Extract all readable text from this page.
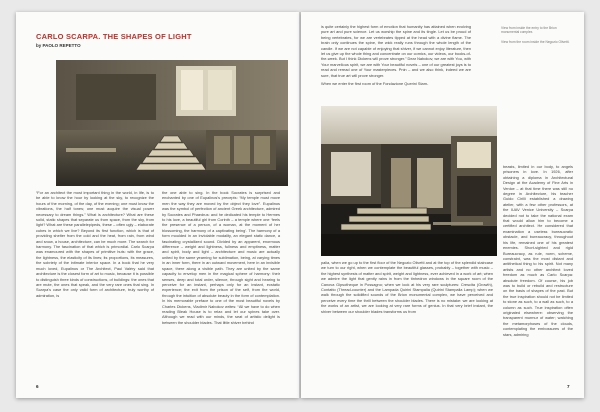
CARLO SCARPA. THE SHAPES OF LIGHT
by PAOLO REPETTO

“For an architect the most important thing in the world, in life, is to be able to know the hour by looking at the sky, to recognize the hours of the morning, of the day, of the evening; one must know the vibrations, the half tones; one must acquire the visual power necessary to dream things.” What is architecture? What are these solid, static shapes that separate us from space, from the sky, from light? What are these parallelepipeds, these – often ugly – elaborate cubes in which we live? Beyond its first function, which is that of providing shelter from the cold and the heat, from rain, from wind and snow, a house, architecture, can be much more. The search for harmony. The fascination of that which is primordial. Carlo Scarpa was enamoured with the shapes of primitive huts: with the grace, the lightness, the elasticity of its lines; its proportions, its measures, the sobriety of the intimate interior space. In a book that he very much loved, Eupalinos or The Architect, Paul Valéry said that architecture is the closest form of art to music, because it is possible to distinguish three kinds of constructions, of buildings: the ones that are mute, the ones that speak, and the very rare ones that sing. In Scarpa’s case the only valid form of architecture, truly worthy of admiration, is

the one able to sing. In the book Socrates is surprised and enchanted by one of Eupalinos’s precepts: “My temple must move men the way they are moved by the object they love”. Eupalinos was the symbol of perfection of ancient Greek architecture, admired by Socrates and Phaedrus: and he dedicated his temple to Hermes to his love, a beautiful girl from Corinth – a temple where one ‘feels the presence of a person, of a woman, at the moment of her blossoming, the harmony of a captivating being’. The harmony of a form moulded in an inviolable modality, an elegant static dance, a fascinating crystallized sound. Divided by an apparent, enormous difference – weight and lightness, fullness and emptiness, matter and spirit, body and light – architecture and music are actually united by the same yearning for sublimation, being, at varying times in an inner form, there in an outward movement, here in an invisible space, there along a visible path. They are united by the same capacity to envelop men in the magical sphere of harmony: their senses, deep and total order, silence, through sight and hearing to perceive for an instant, perhaps only for an instant, ecstatic experience; the exit from the prison of the self, from the world, through the intuition of absolute beauty in the form of contemplation. In his memorable preface to one of the most beautiful novels by Charles Dickens, Vladimir Nabokov writes: “All we have to do when reading Bleak House is to relax and let our spines take over. Although we read with our minds, the seat of artistic delight is between the shoulder blades. That little shiver behind

6

is quite certainly the highest form of emotion that humanity has attained when evolving pure art and pure science. Let us worship the spine and its tingle. Let us be proud of being vertebrates, for we are vertebrates tipped at the head with a divine flame. The brain only continues the spine, the wick really runs through the whole length of the candle. If we are not capable of enjoying that shiver, if we cannot enjoy literature, then let us give up the whole thing and concentrate on our comics, our videos, our books-of-the-week. But I think Dickens will prove stronger.” Dear Nabokov, we are with You, with Your marvellous spirit, we are with Your beautiful novels – one of our greatest joys is to read and reread one of Your masterpieces. Pnin – and we also think, indeed we are sure, that true art will prove stronger.

When we enter the first room of the Fondazione Querini Stam-

View from inside the entry to the Brion monumental complex.
View from the room inside the Negozio Olivetti.

palia, when we go up to the first floor of the Negozio Olivetti and at the top of the splendid staircase we turn to our right, when we contemplate the beautiful glasses, probably – together with music – the highest synthesis of matter and spirit, weight and lightness, ever achieved in a work of art; when we admire the light that gently rains in from the tinhedron windows in the square room of the Canova Gipsotheque in Possagno; when we look at his very rare sculptures: Crescita (Growth), Contatto (Thread-counter) and the Lampada Quirini Stampalia (Quirini Stampalia Lamp); when we walk through the solidified sounds of the Brion monumental complex, we have perceived and perceive every time the thrill between the shoulder blades. There is no mistake: we are looking at the works of an artist, we are looking at very rare forms of genius. In that very brief instant, the shiver between our shoulder blades transforms us from

beasts, limited in our body, to angels prisoners in love. In 1926, after obtaining a diploma in Architectural Design at the Academy of Fine Arts in Venice – at that time there was still no degree in Architecture, his teacher Guido Cirilli established a drawing atelier, with a few other professors, at the IUAV Venice University – Scarpa decided not to take the national exam that would allow him to become a certified architect. He considered that examination a useless bureaucratic obstacle, and bureaucracy, throughout his life, remained one of his greatest enemies. Short-sighted and rigid Bureaucracy, as rule, norm, scheme, constraint, was the most distant and antithetical thing to his spirit. Not many artists and no other architect loved freedom as much as Carlo Scarpa: absolute freedom. Of course, his job was to build or rebuild and restructure on the basis of shapes of the past. But the true inspiration should not be limited to stone as such, to a wall as such, to a column as such. True inspiration often originated elsewhere: observing the transparent murmur of water; watching the metamorphoses of the clouds, contemplating the embossures of the stars, admiring

7
